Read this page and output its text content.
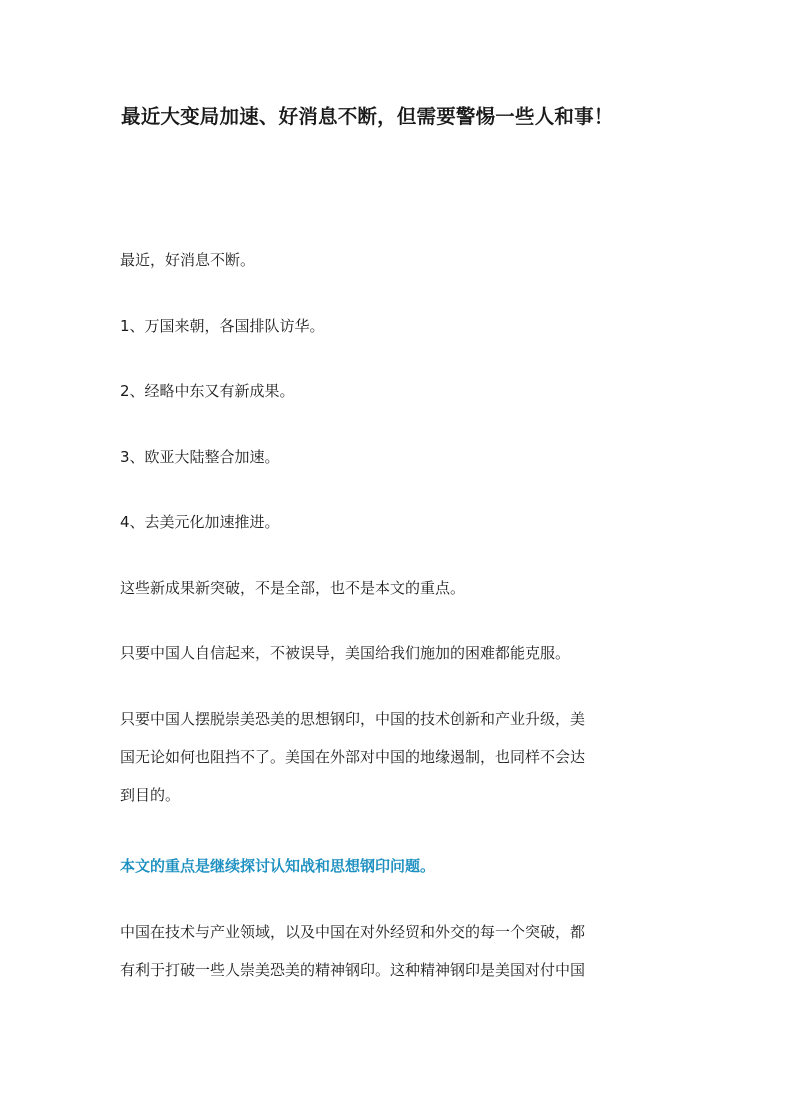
最近大变局加速、好消息不断，但需要警惕一些人和事！
最近，好消息不断。
1、万国来朝，各国排队访华。
2、经略中东又有新成果。
3、欧亚大陆整合加速。
4、去美元化加速推进。
这些新成果新突破，不是全部，也不是本文的重点。
只要中国人自信起来，不被误导，美国给我们施加的困难都能克服。
只要中国人摆脱崇美恐美的思想钢印，中国的技术创新和产业升级，美
国无论如何也阻挡不了。美国在外部对中国的地缘遏制，也同样不会达
到目的。
本文的重点是继续探讨认知战和思想钢印问题。
中国在技术与产业领域，以及中国在对外经贸和外交的每一个突破，都
有利于打破一些人崇美恐美的精神钢印。这种精神钢印是美国对付中国
